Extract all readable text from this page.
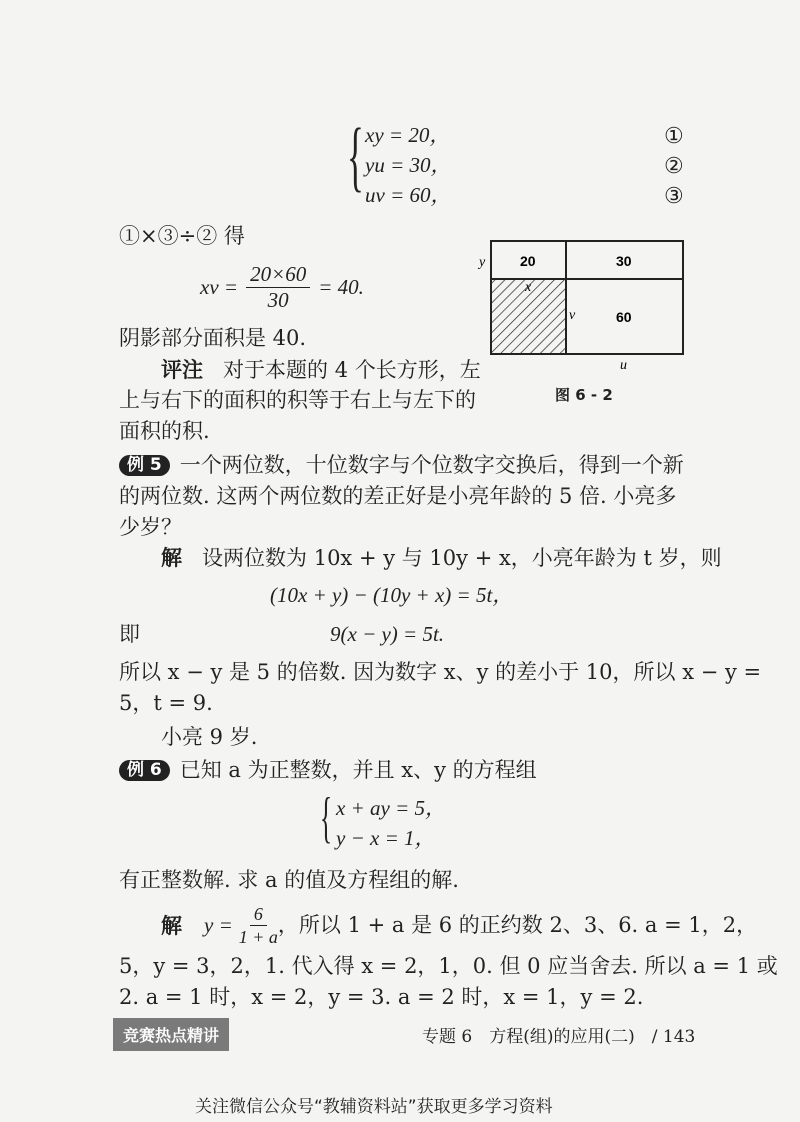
{ xy = 20，
yu = 30，
uv = 60，
①
②
③
①×③÷② 得
xv = $\frac{20\times 60}{30} = 40$.
阴影部分面积是 40.
评注 对于本题的 4 个长方形，左
上与右下的面积的积等于右上与左下的
面积的积.
20	30
60
y
x
v
u
图 6 - 2
例 5 一个两位数，十位数字与个位数字交换后，得到一个新
的两位数. 这两个两位数的差正好是小亮年龄的 5 倍. 小亮多
少岁？
解 设两位数为 10x + y 与 10y + x，小亮年龄为 t 岁，则
(10x + y) − (10y + x) = 5t，
即	9(x − y) = 5t.
所以 x − y 是 5 的倍数. 因为数字 x、y 的差小于 10，所以 x − y =
5，t = 9.
小亮 9 岁.
例 6 已知 a 为正整数，并且 x、y 的方程组
{ x + ay = 5，
y − x = 1，
有正整数解. 求 a 的值及方程组的解.
解 $y = \frac{6}{1 + a}$ ，所以 1 + a 是 6 的正约数 2、3、6. a = 1，2，
5，y = 3，2，1. 代入得 x = 2，1，0. 但 0 应当舍去. 所以 a = 1 或
2. a = 1 时，x = 2，y = 3. a = 2 时，x = 1，y = 2.
竞赛热点精讲	专题 6　方程(组)的应用(二)　/ 143
关注微信公众号“教辅资料站”获取更多学习资料
